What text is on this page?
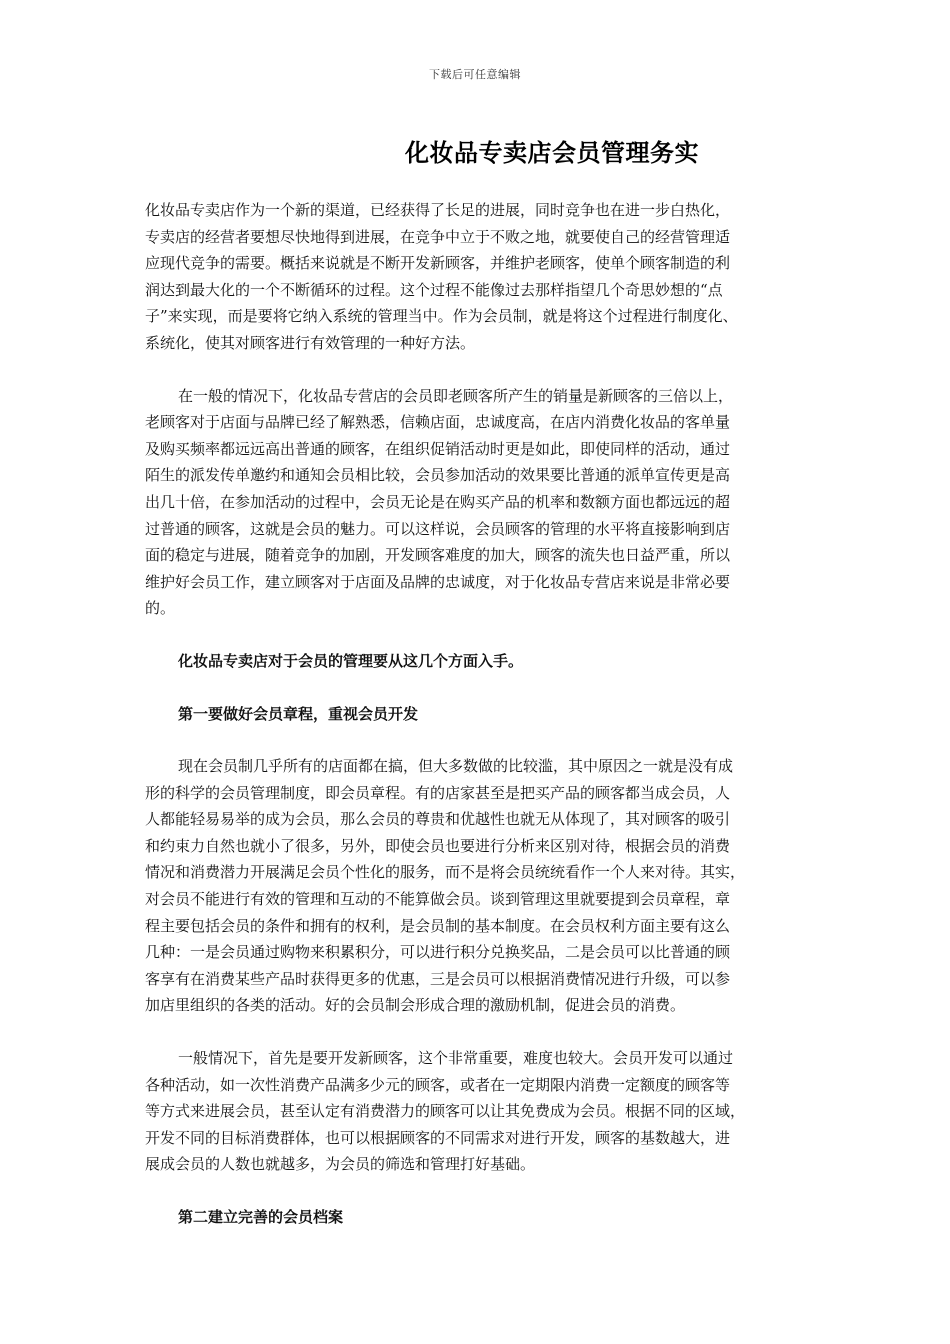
下载后可任意编辑
化妆品专卖店会员管理务实
化妆品专卖店作为一个新的渠道，已经获得了长足的进展，同时竞争也在进一步白热化，
专卖店的经营者要想尽快地得到进展，在竞争中立于不败之地，就要使自己的经营管理适
应现代竞争的需要。概括来说就是不断开发新顾客，并维护老顾客，使单个顾客制造的利
润达到最大化的一个不断循环的过程。这个过程不能像过去那样指望几个奇思妙想的“点
子”来实现，而是要将它纳入系统的管理当中。作为会员制，就是将这个过程进行制度化、
系统化，使其对顾客进行有效管理的一种好方法。
在一般的情况下，化妆品专营店的会员即老顾客所产生的销量是新顾客的三倍以上，
老顾客对于店面与品牌已经了解熟悉，信赖店面，忠诚度高，在店内消费化妆品的客单量
及购买频率都远远高出普通的顾客，在组织促销活动时更是如此，即使同样的活动，通过
陌生的派发传单邀约和通知会员相比较，会员参加活动的效果要比普通的派单宣传更是高
出几十倍，在参加活动的过程中，会员无论是在购买产品的机率和数额方面也都远远的超
过普通的顾客，这就是会员的魅力。可以这样说，会员顾客的管理的水平将直接影响到店
面的稳定与进展，随着竞争的加剧，开发顾客难度的加大，顾客的流失也日益严重，所以
维护好会员工作，建立顾客对于店面及品牌的忠诚度，对于化妆品专营店来说是非常必要
的。
化妆品专卖店对于会员的管理要从这几个方面入手。
第一要做好会员章程，重视会员开发
现在会员制几乎所有的店面都在搞，但大多数做的比较滥，其中原因之一就是没有成
形的科学的会员管理制度，即会员章程。有的店家甚至是把买产品的顾客都当成会员，人
人都能轻易易举的成为会员，那么会员的尊贵和优越性也就无从体现了，其对顾客的吸引
和约束力自然也就小了很多，另外，即使会员也要进行分析来区别对待，根据会员的消费
情况和消费潜力开展满足会员个性化的服务，而不是将会员统统看作一个人来对待。其实，
对会员不能进行有效的管理和互动的不能算做会员。谈到管理这里就要提到会员章程，章
程主要包括会员的条件和拥有的权利，是会员制的基本制度。在会员权利方面主要有这么
几种：一是会员通过购物来积累积分，可以进行积分兑换奖品，二是会员可以比普通的顾
客享有在消费某些产品时获得更多的优惠，三是会员可以根据消费情况进行升级，可以参
加店里组织的各类的活动。好的会员制会形成合理的激励机制，促进会员的消费。
一般情况下，首先是要开发新顾客，这个非常重要，难度也较大。会员开发可以通过
各种活动，如一次性消费产品满多少元的顾客，或者在一定期限内消费一定额度的顾客等
等方式来进展会员，甚至认定有消费潜力的顾客可以让其免费成为会员。根据不同的区域，
开发不同的目标消费群体，也可以根据顾客的不同需求对进行开发，顾客的基数越大，进
展成会员的人数也就越多，为会员的筛选和管理打好基础。
第二建立完善的会员档案
